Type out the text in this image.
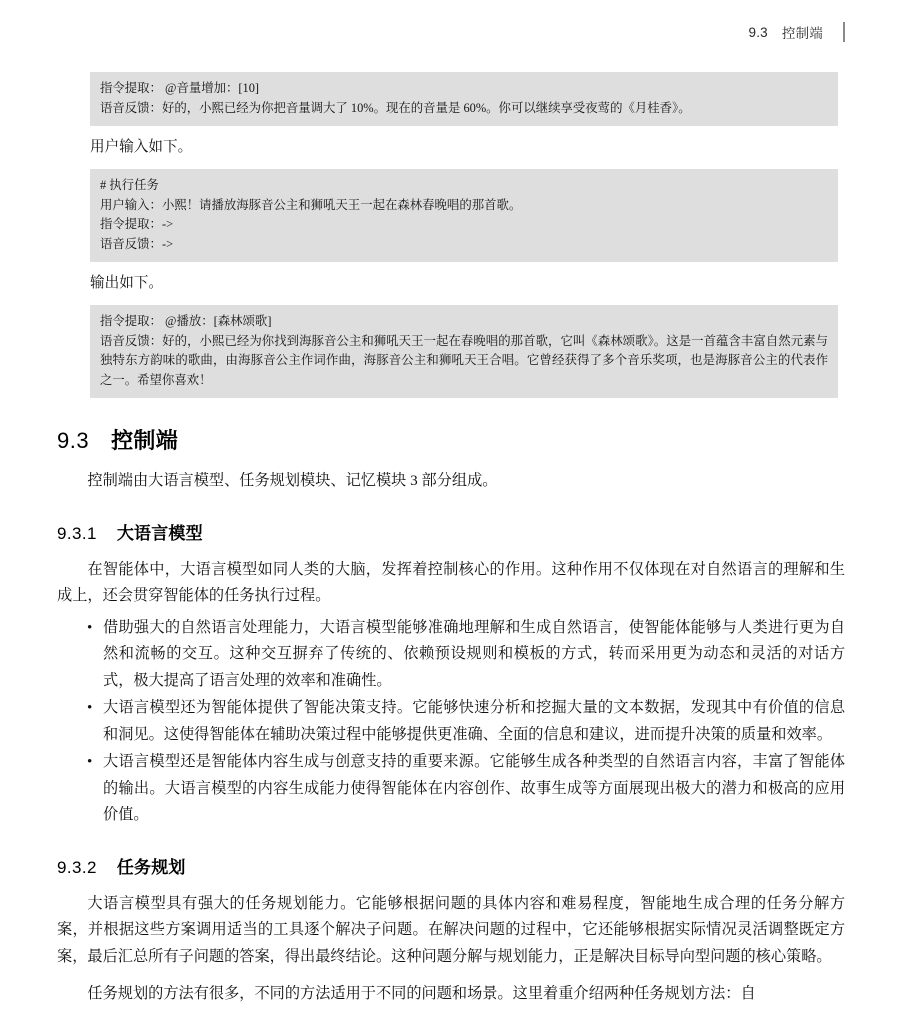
9.3 控制端
指令提取： @音量增加：[10]
语音反馈：好的，小熙已经为你把音量调大了 10%。现在的音量是 60%。你可以继续享受夜莺的《月桂香》。

用户输入如下。

# 执行任务
用户输入：小熙！请播放海豚音公主和狮吼天王一起在森林春晚唱的那首歌。
指令提取：->
语音反馈：->

输出如下。

指令提取： @播放：[森林颂歌]
语音反馈：好的，小熙已经为你找到海豚音公主和狮吼天王一起在春晚唱的那首歌，它叫《森林颂歌》。这是一首蕴含丰富自然元素与独特东方韵味的歌曲，由海豚音公主作词作曲，海豚音公主和狮吼天王合唱。它曾经获得了多个音乐奖项，也是海豚音公主的代表作之一。希望你喜欢！
9.3 控制端

控制端由大语言模型、任务规划模块、记忆模块 3 部分组成。

9.3.1 大语言模型

在智能体中，大语言模型如同人类的大脑，发挥着控制核心的作用。这种作用不仅体现在对自然语言的理解和生成上，还会贯穿智能体的任务执行过程。

• 借助强大的自然语言处理能力，大语言模型能够准确地理解和生成自然语言，使智能体能够与人类进行更为自然和流畅的交互。这种交互摒弃了传统的、依赖预设规则和模板的方式，转而采用更为动态和灵活的对话方式，极大提高了语言处理的效率和准确性。
• 大语言模型还为智能体提供了智能决策支持。它能够快速分析和挖掘大量的文本数据，发现其中有价值的信息和洞见。这使得智能体在辅助决策过程中能够提供更准确、全面的信息和建议，进而提升决策的质量和效率。
• 大语言模型还是智能体内容生成与创意支持的重要来源。它能够生成各种类型的自然语言内容，丰富了智能体的输出。大语言模型的内容生成能力使得智能体在内容创作、故事生成等方面展现出极大的潜力和极高的应用价值。
9.3.2 任务规划

大语言模型具有强大的任务规划能力。它能够根据问题的具体内容和难易程度，智能地生成合理的任务分解方案，并根据这些方案调用适当的工具逐个解决子问题。在解决问题的过程中，它还能够根据实际情况灵活调整既定方案，最后汇总所有子问题的答案，得出最终结论。这种问题分解与规划能力，正是解决目标导向型问题的核心策略。

任务规划的方法有很多，不同的方法适用于不同的问题和场景。这里着重介绍两种任务规划方法：自
